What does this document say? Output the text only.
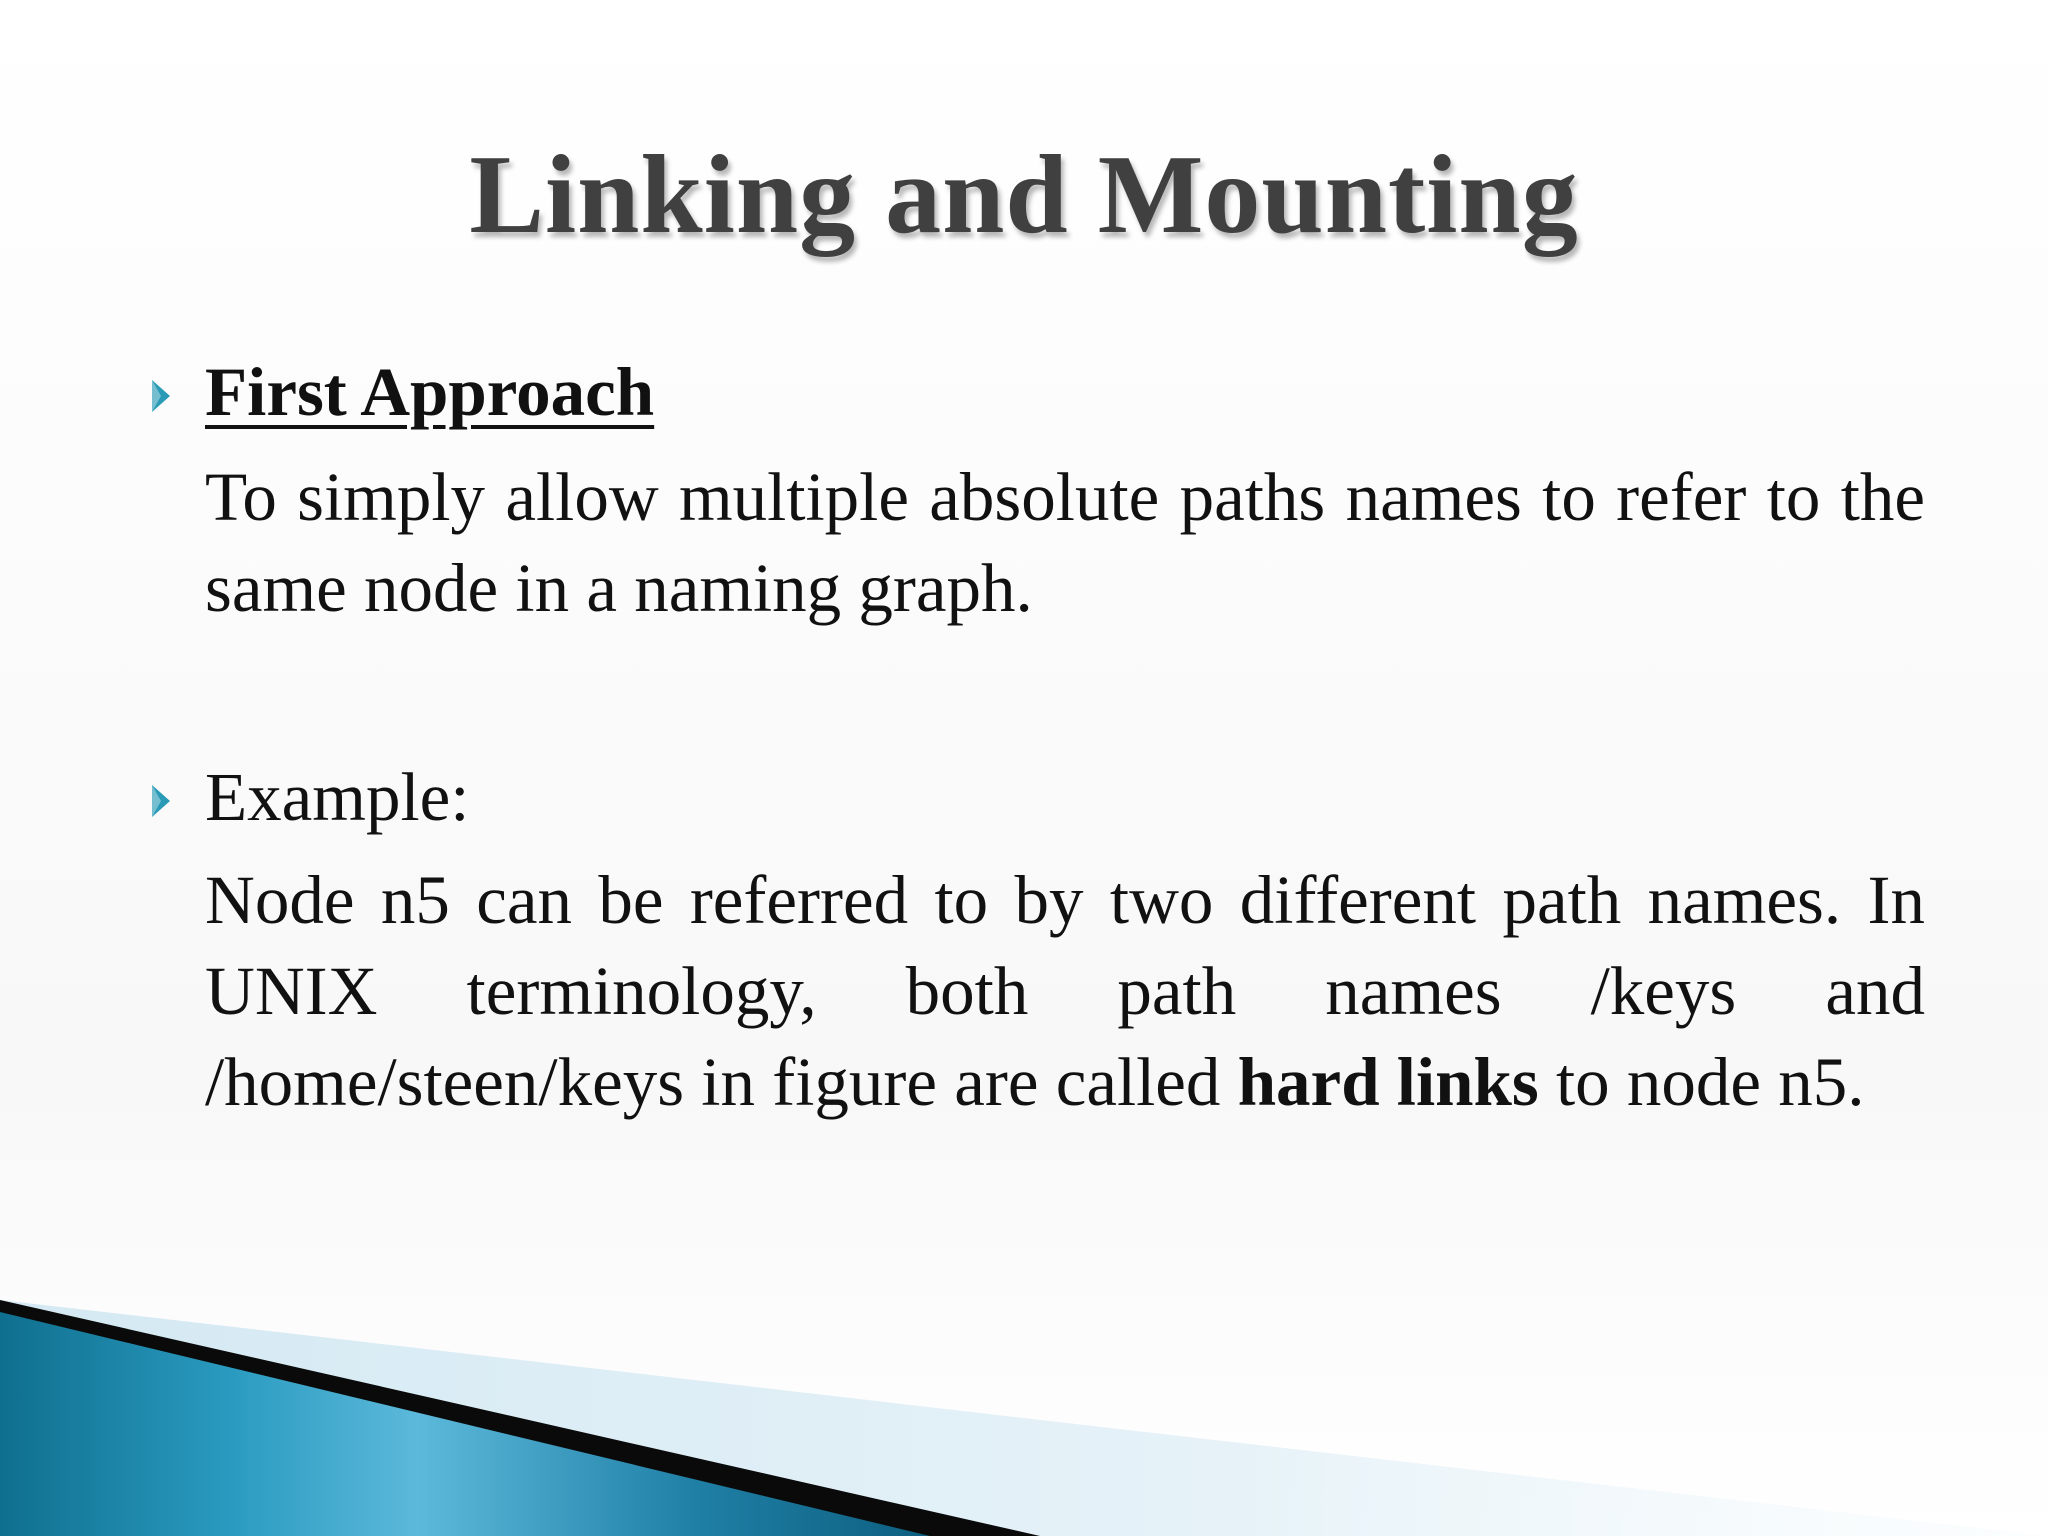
Linking and Mounting
First Approach
To simply allow multiple absolute paths names to refer to the same node in a naming graph.
Example:
Node n5 can be referred to by two different path names. In UNIX terminology, both path names /keys and /home/steen/keys in figure are called hard links to node n5.
